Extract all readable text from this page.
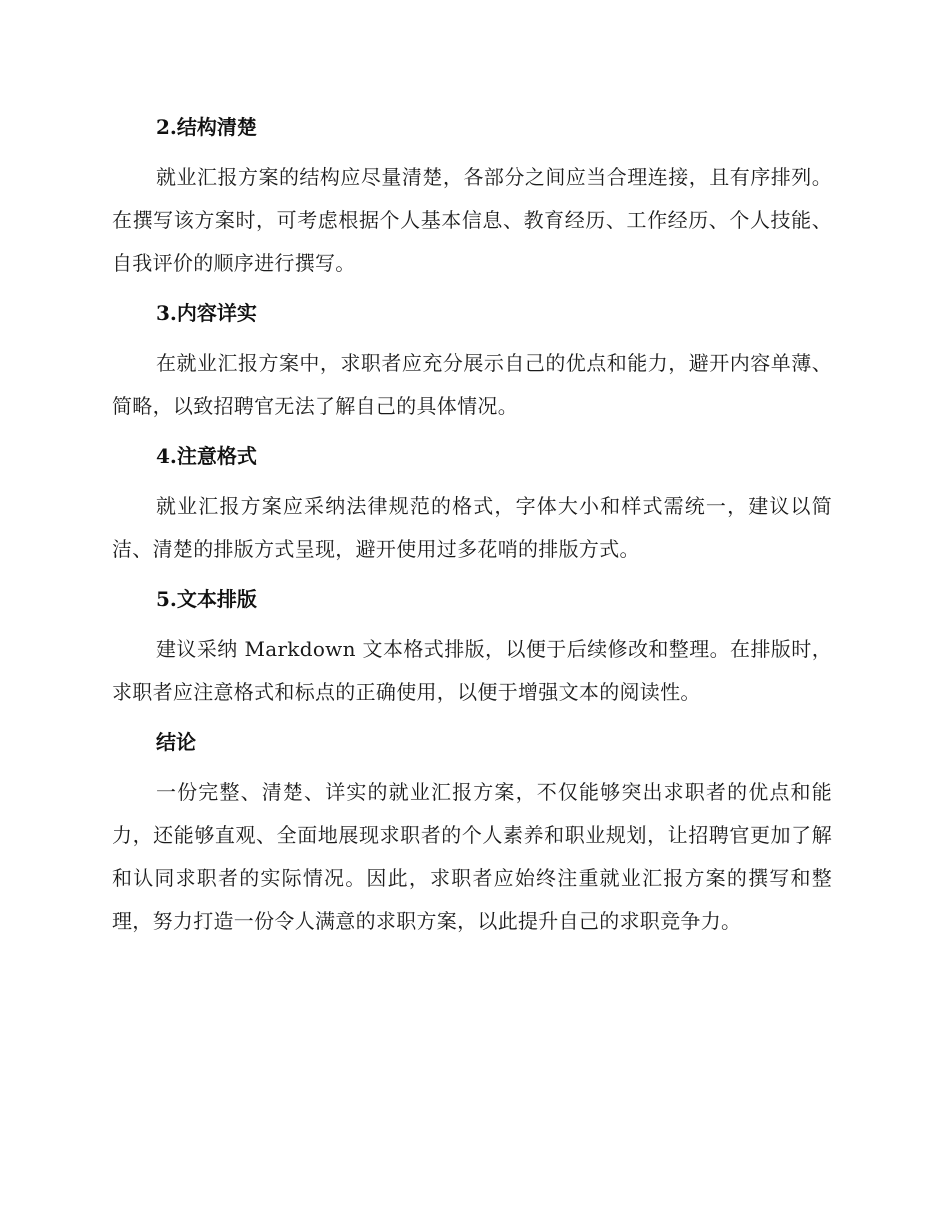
2.结构清楚

就业汇报方案的结构应尽量清楚，各部分之间应当合理连接，且有序排列。在撰写该方案时，可考虑根据个人基本信息、教育经历、工作经历、个人技能、自我评价的顺序进行撰写。

3.内容详实

在就业汇报方案中，求职者应充分展示自己的优点和能力，避开内容单薄、简略，以致招聘官无法了解自己的具体情况。

4.注意格式

就业汇报方案应采纳法律规范的格式，字体大小和样式需统一，建议以简洁、清楚的排版方式呈现，避开使用过多花哨的排版方式。

5.文本排版

建议采纳 Markdown 文本格式排版，以便于后续修改和整理。在排版时，求职者应注意格式和标点的正确使用，以便于增强文本的阅读性。

结论

一份完整、清楚、详实的就业汇报方案，不仅能够突出求职者的优点和能力，还能够直观、全面地展现求职者的个人素养和职业规划，让招聘官更加了解和认同求职者的实际情况。因此，求职者应始终注重就业汇报方案的撰写和整理，努力打造一份令人满意的求职方案，以此提升自己的求职竞争力。
